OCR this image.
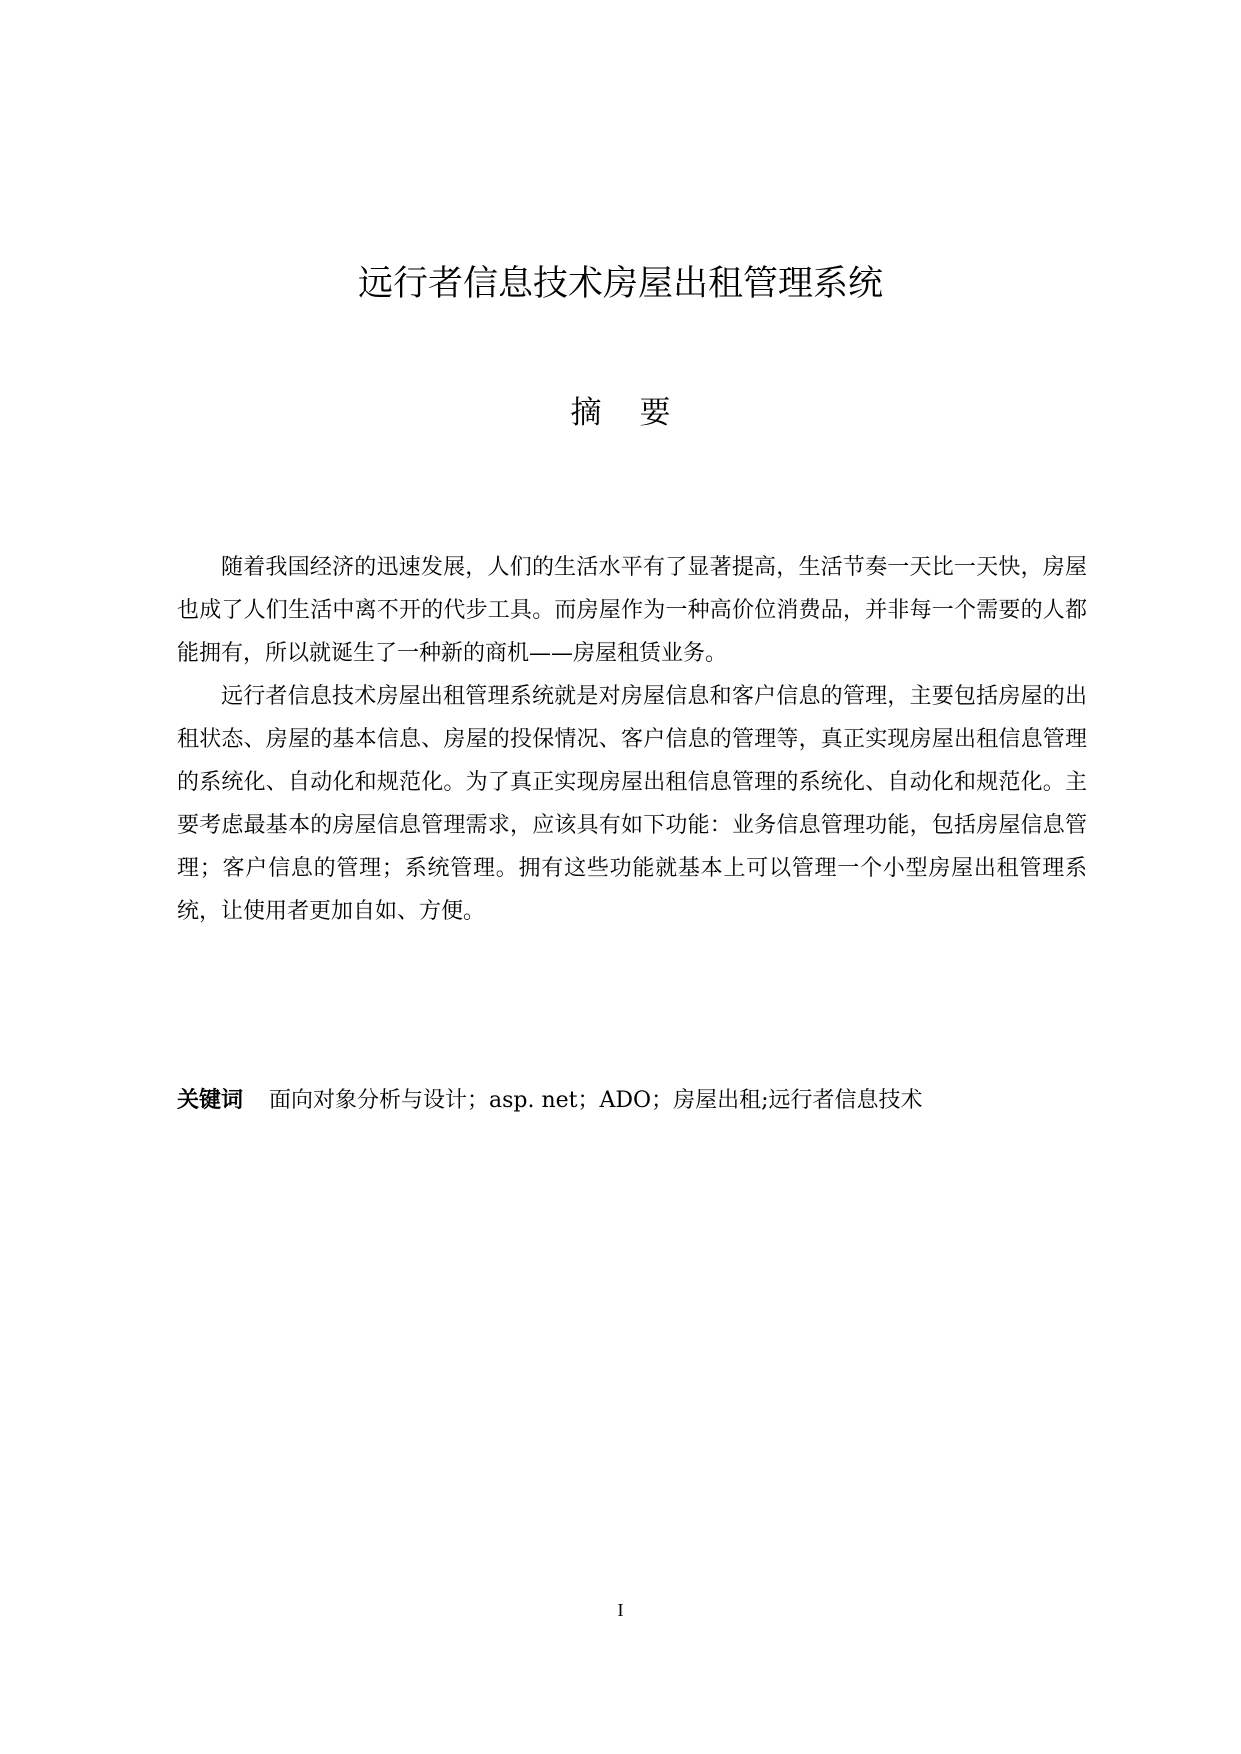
远行者信息技术房屋出租管理系统
摘要

随着我国经济的迅速发展，人们的生活水平有了显著提高，生活节奏一天比一天快，房屋也成了人们生活中离不开的代步工具。而房屋作为一种高价位消费品，并非每一个需要的人都能拥有，所以就诞生了一种新的商机——房屋租赁业务。

远行者信息技术房屋出租管理系统就是对房屋信息和客户信息的管理，主要包括房屋的出租状态、房屋的基本信息、房屋的投保情况、客户信息的管理等，真正实现房屋出租信息管理的系统化、自动化和规范化。为了真正实现房屋出租信息管理的系统化、自动化和规范化。主要考虑最基本的房屋信息管理需求，应该具有如下功能：业务信息管理功能，包括房屋信息管理；客户信息的管理；系统管理。拥有这些功能就基本上可以管理一个小型房屋出租管理系统，让使用者更加自如、方便。

关键词 面向对象分析与设计；asp. net；ADO；房屋出租;远行者信息技术
I
